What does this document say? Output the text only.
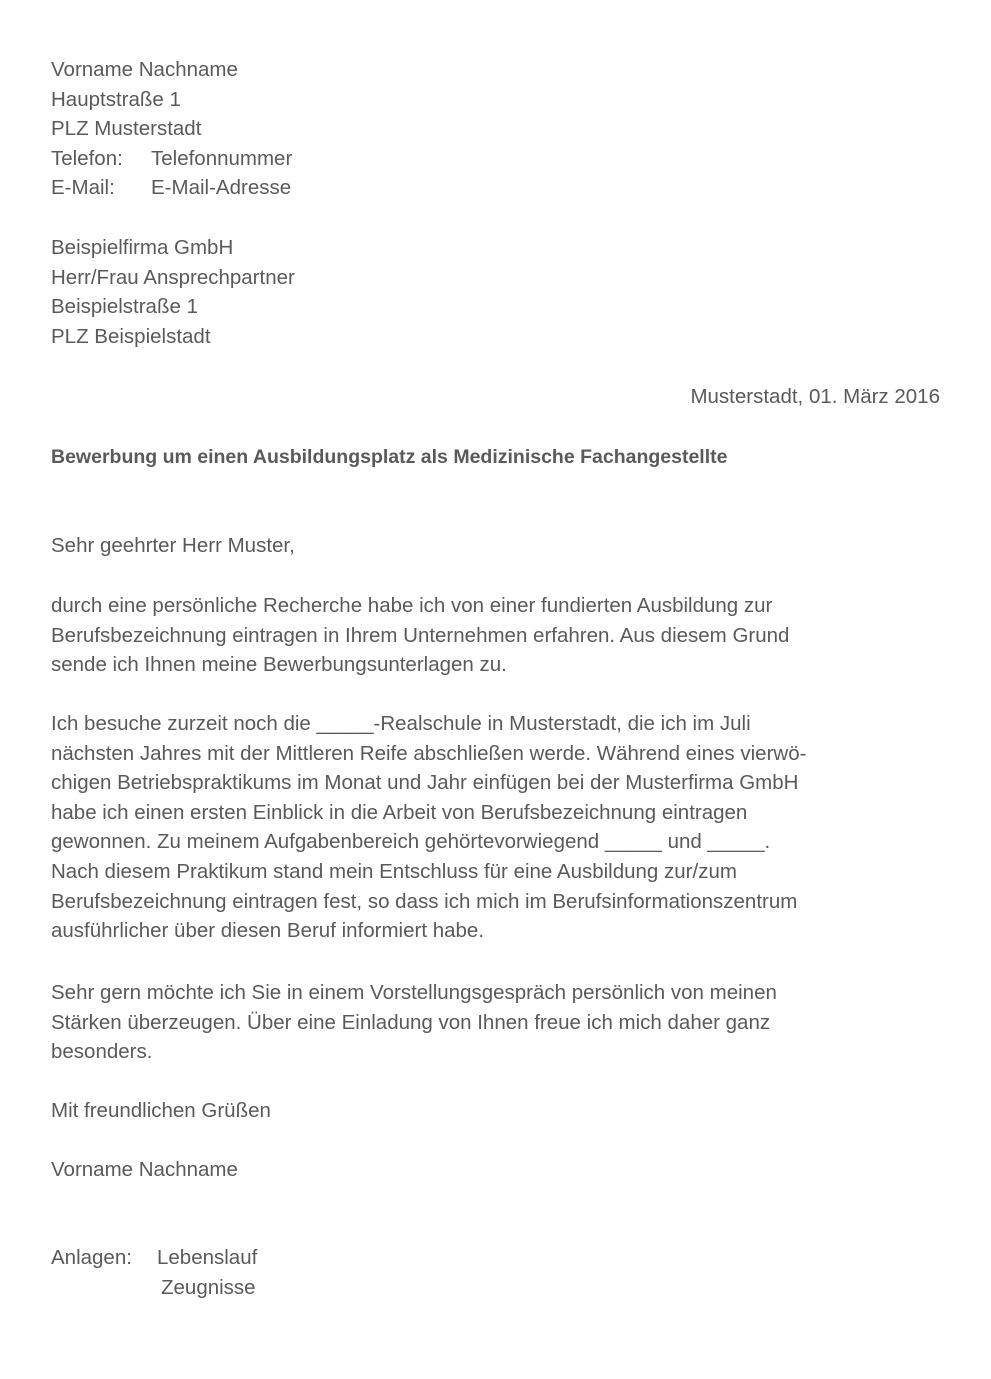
Vorname Nachname
Hauptstraße 1
PLZ Musterstadt
Telefon: Telefonnummer
E-Mail: E-Mail-Adresse
Beispielfirma GmbH
Herr/Frau Ansprechpartner
Beispielstraße 1
PLZ Beispielstadt
Musterstadt, 01. März 2016
Bewerbung um einen Ausbildungsplatz als Medizinische Fachangestellte
Sehr geehrter Herr Muster,
durch eine persönliche Recherche habe ich von einer fundierten Ausbildung zur
Berufsbezeichnung eintragen in Ihrem Unternehmen erfahren. Aus diesem Grund
sende ich Ihnen meine Bewerbungsunterlagen zu.
Ich besuche zurzeit noch die _____-Realschule in Musterstadt, die ich im Juli
nächsten Jahres mit der Mittleren Reife abschließen werde. Während eines vierwö-
chigen Betriebspraktikums im Monat und Jahr einfügen bei der Musterfirma GmbH
habe ich einen ersten Einblick in die Arbeit von Berufsbezeichnung eintragen
gewonnen. Zu meinem Aufgabenbereich gehörtevorwiegend _____ und _____.
Nach diesem Praktikum stand mein Entschluss für eine Ausbildung zur/zum
Berufsbezeichnung eintragen fest, so dass ich mich im Berufsinformationszentrum
ausführlicher über diesen Beruf informiert habe.
Sehr gern möchte ich Sie in einem Vorstellungsgespräch persönlich von meinen
Stärken überzeugen. Über eine Einladung von Ihnen freue ich mich daher ganz
besonders.
Mit freundlichen Grüßen
Vorname Nachname
Anlagen: Lebenslauf
Zeugnisse
